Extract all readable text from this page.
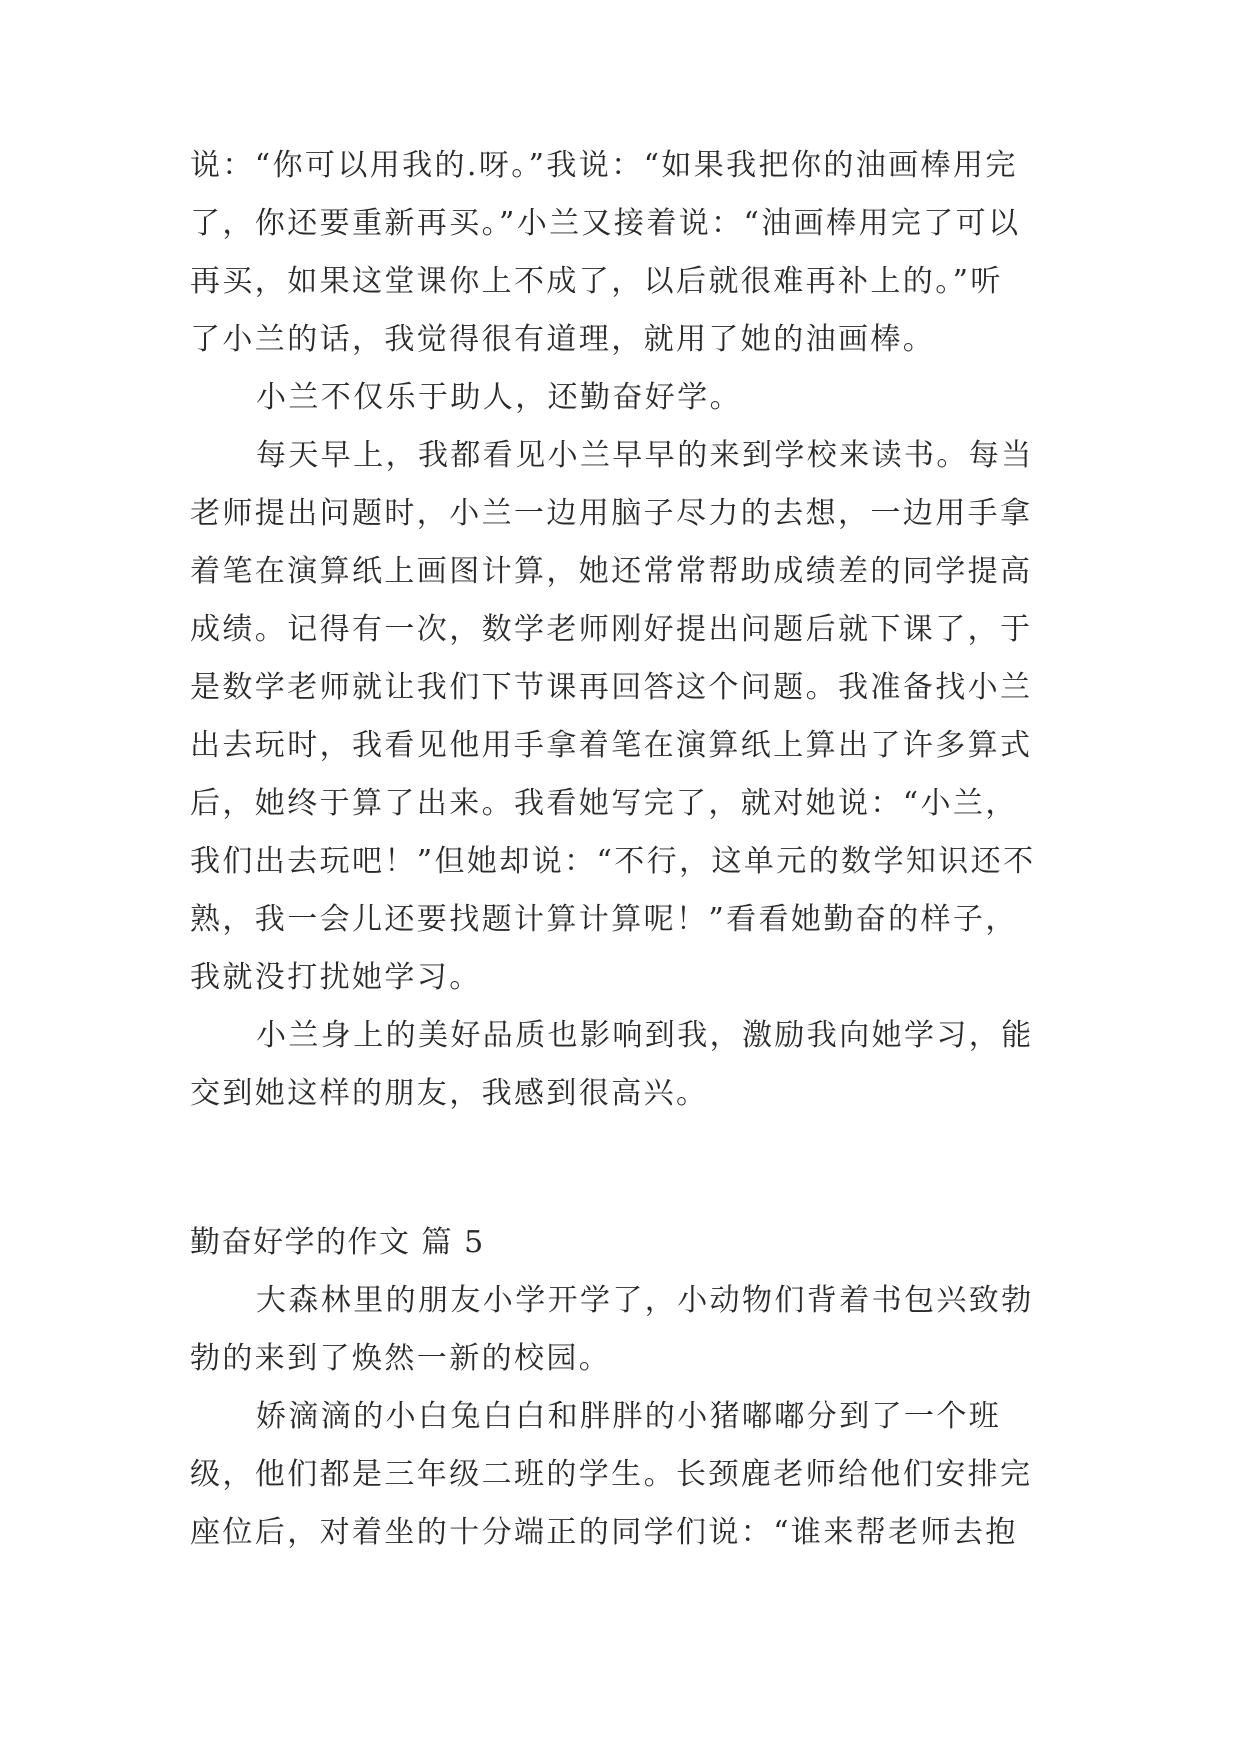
说：“你可以用我的.呀。”我说：“如果我把你的油画棒用完
了，你还要重新再买。”小兰又接着说：“油画棒用完了可以
再买，如果这堂课你上不成了，以后就很难再补上的。”听
了小兰的话，我觉得很有道理，就用了她的油画棒。

小兰不仅乐于助人，还勤奋好学。

每天早上，我都看见小兰早早的来到学校来读书。每当
老师提出问题时，小兰一边用脑子尽力的去想，一边用手拿
着笔在演算纸上画图计算，她还常常帮助成绩差的同学提高
成绩。记得有一次，数学老师刚好提出问题后就下课了，于
是数学老师就让我们下节课再回答这个问题。我准备找小兰
出去玩时，我看见他用手拿着笔在演算纸上算出了许多算式
后，她终于算了出来。我看她写完了，就对她说：“小兰，
我们出去玩吧！”但她却说：“不行，这单元的数学知识还不
熟，我一会儿还要找题计算计算呢！”看看她勤奋的样子，
我就没打扰她学习。

小兰身上的美好品质也影响到我，激励我向她学习，能
交到她这样的朋友，我感到很高兴。

勤奋好学的作文 篇 5

大森林里的朋友小学开学了，小动物们背着书包兴致勃
勃的来到了焕然一新的校园。

娇滴滴的小白兔白白和胖胖的小猪嘟嘟分到了一个班
级，他们都是三年级二班的学生。长颈鹿老师给他们安排完
座位后，对着坐的十分端正的同学们说：“谁来帮老师去抱
